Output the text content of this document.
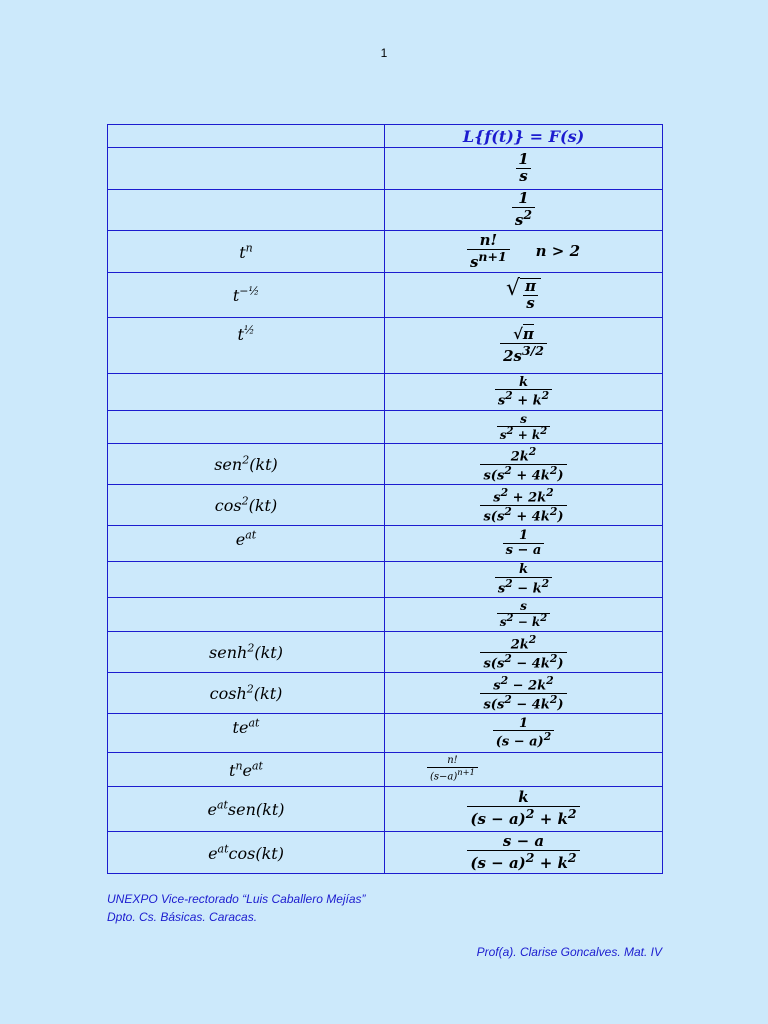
1
	L{f(t)} = F(s)

	$\frac{1}{s}$

	$\frac{1}{s^2}$

$t^n$	$\frac{n!}{s^{n+1}}$ n > 2
$t^{-\frac{1}{2}}$	√ $\frac{\pi}{s}$

$t^{\frac{1}{2}}$	$\frac{√\pi}{2s^{3/2}}$

	$\frac{k}{s^2 + k^2}$

	$\frac{s}{s^2 + k^2}$

sen$^2$(kt)	$\frac{2k^2}{s(s^2 + 4k^2)}$

$\cos^2(kt)$	$\frac{s^2 + 2k^2}{s(s^2 + 4k^2)}$

$e^{at}$	$\frac{1}{s - a}$

	$\frac{k}{s^2 - k^2}$

	$\frac{s}{s^2 - k^2}$

senh$^2$(kt)	$\frac{2k^2}{s(s^2 - 4k^2)}$

$\cosh^2(kt)$	$\frac{s^2 - 2k^2}{s(s^2 - 4k^2)}$

$te^{at}$	$\frac{1}{(s - a)^2}$

$t^ne^{at}$	$\frac{n!}{(s-a)^{n+1}}$

$e^{at}sen(kt)$	$\frac{k}{(s - a)^2 + k^2}$

$e^{at}\cos(kt)$	$\frac{s - a}{(s - a)^2 + k^2}$
UNEXPO Vice-rectorado “Luis Caballero Mejías”
Dpto. Cs. Básicas. Caracas.
Prof(a). Clarise Goncalves. Mat. IV
